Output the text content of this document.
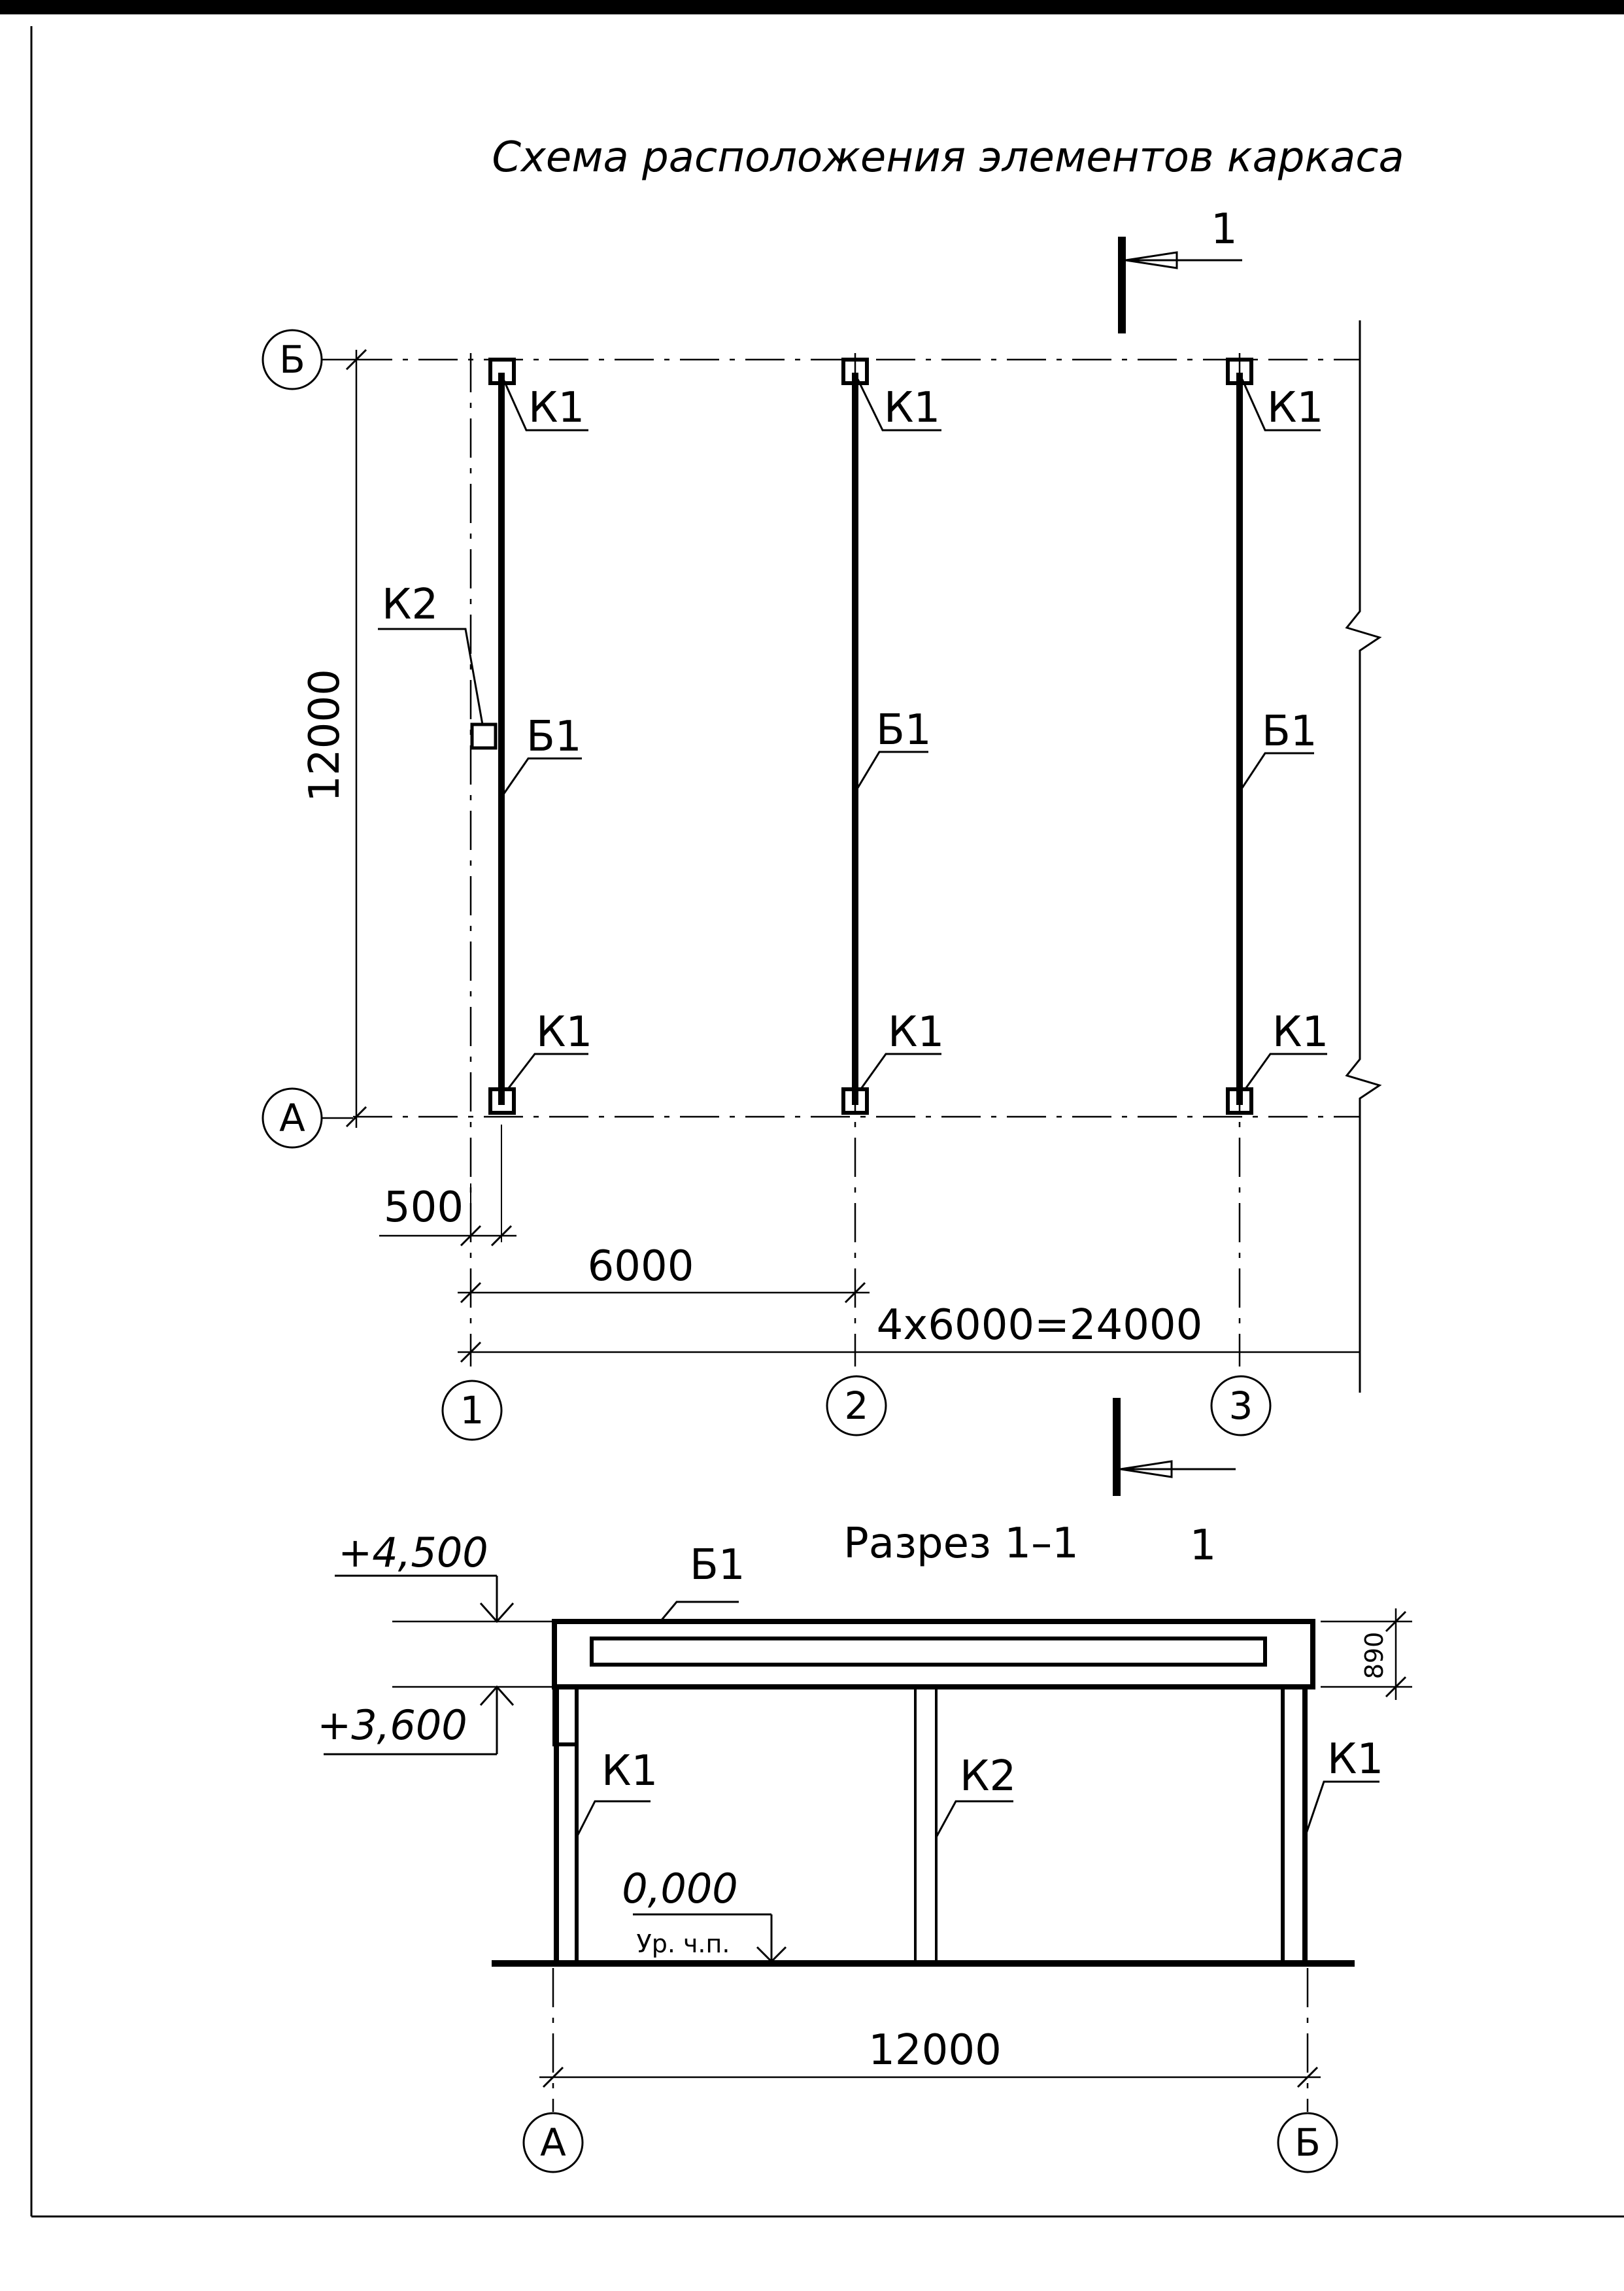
Схема расположения элементов каркаса
1
К1	К1	К1
К1	К1	К1
К2
Б1	Б1	Б1
12000
Б
А
500
6000
4х6000=24000
1	2	3
Разрез 1–1	1
Б1
К1	К2	К1
+4,500
+3,600
0,000
Ур. ч.п.
890
12000
А	Б
